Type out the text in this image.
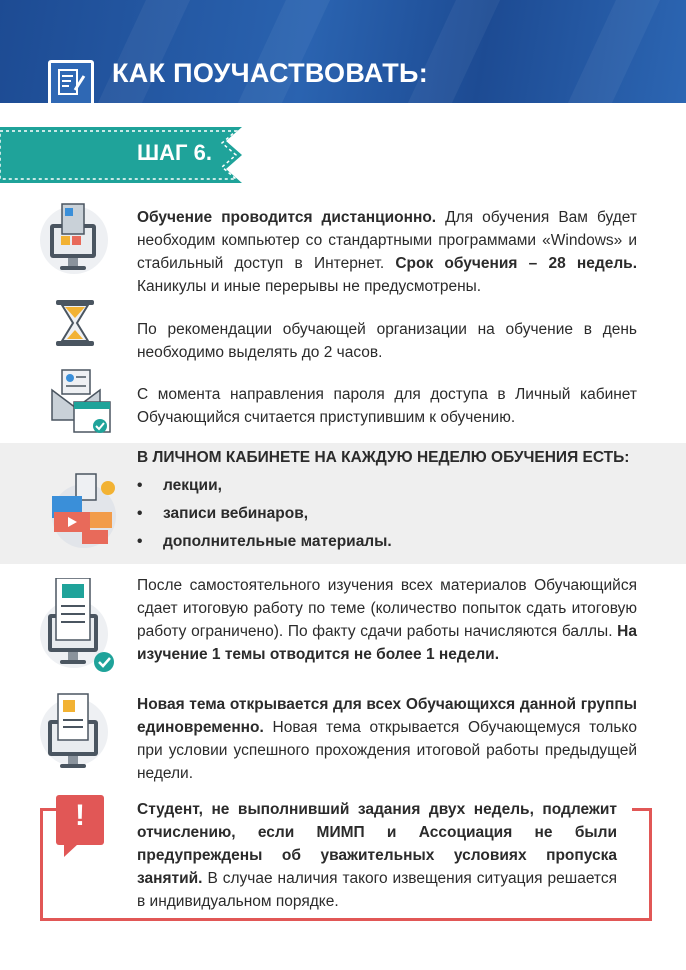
КАК ПОУЧАСТВОВАТЬ:
ШАГ 6.
Обучение проводится дистанционно. Для обучения Вам будет необходим компьютер со стандартными программами «Windows» и стабильный доступ в Интернет. Срок обучения – 28 недель. Каникулы и иные перерывы не предусмотрены.
По рекомендации обучающей организации на обучение в день необходимо выделять до 2 часов.
С момента направления пароля для доступа в Личный кабинет Обучающийся считается приступившим к обучению.
В ЛИЧНОМ КАБИНЕТЕ НА КАЖДУЮ НЕДЕЛЮ ОБУЧЕНИЯ ЕСТЬ:
• лекции,
• записи вебинаров,
• дополнительные материалы.
После самостоятельного изучения всех материалов Обучающийся сдает итоговую работу по теме (количество попыток сдать итоговую работу ограничено). По факту сдачи работы начисляются баллы. На изучение 1 темы отводится не более 1 недели.
Новая тема открывается для всех Обучающихся данной группы единовременно. Новая тема открывается Обучающемуся только при условии успешного прохождения итоговой работы предыдущей недели.
!	Студент, не выполнивший задания двух недель, подлежит отчислению, если МИМП и Ассоциация не были предупреждены об уважительных условиях пропуска занятий. В случае наличия такого извещения ситуация решается в индивидуальном порядке.
